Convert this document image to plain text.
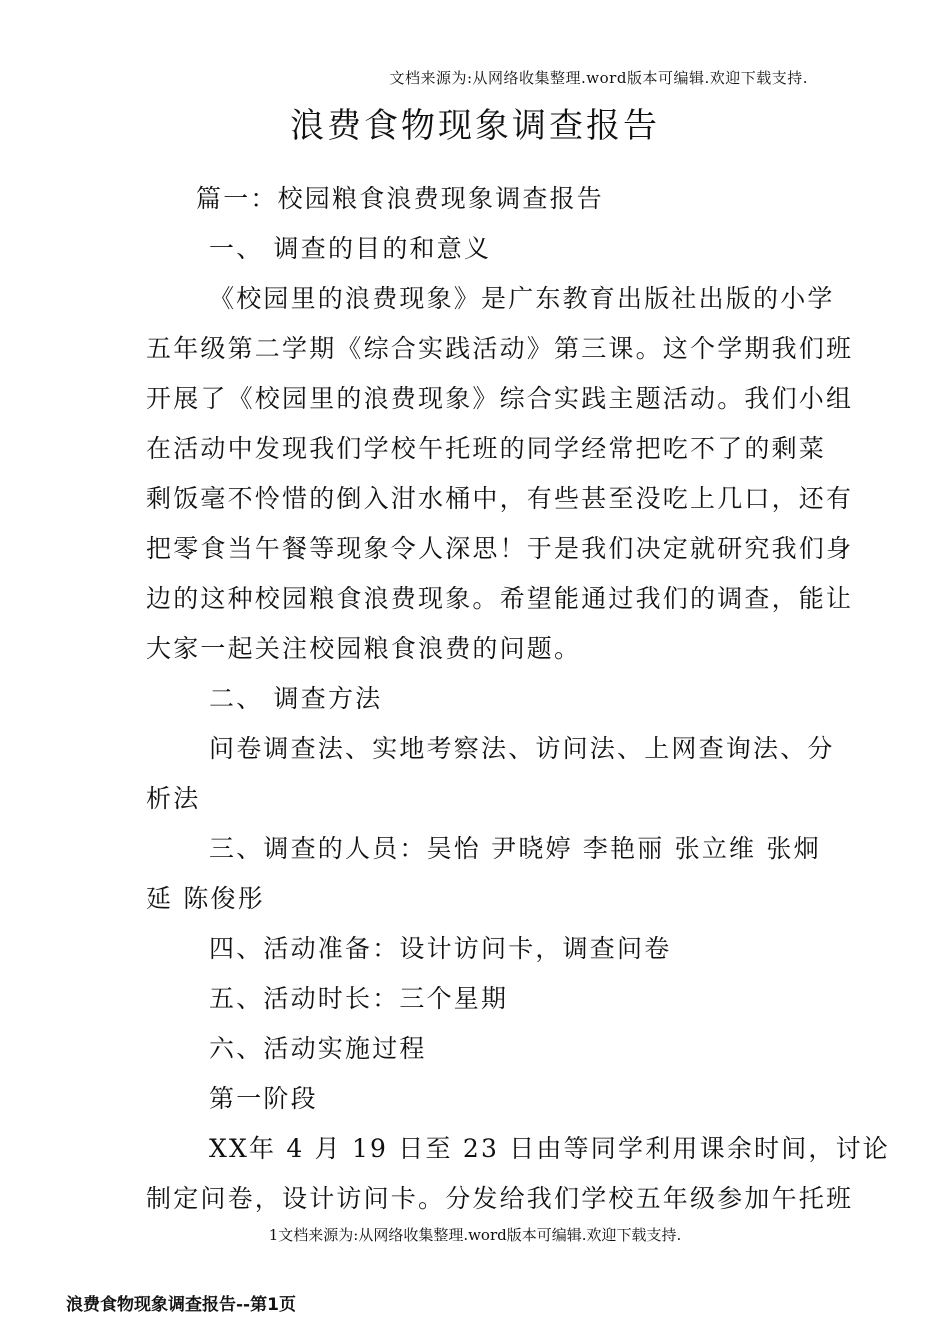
文档来源为:从网络收集整理.word版本可编辑.欢迎下载支持.
浪费食物现象调查报告
篇一：校园粮食浪费现象调查报告
一、 调查的目的和意义
《校园里的浪费现象》是广东教育出版社出版的小学
五年级第二学期《综合实践活动》第三课。这个学期我们班
开展了《校园里的浪费现象》综合实践主题活动。我们小组
在活动中发现我们学校午托班的同学经常把吃不了的剩菜
剩饭毫不怜惜的倒入泔水桶中，有些甚至没吃上几口，还有
把零食当午餐等现象令人深思！于是我们决定就研究我们身
边的这种校园粮食浪费现象。希望能通过我们的调查，能让
大家一起关注校园粮食浪费的问题。
二、 调查方法
问卷调查法、实地考察法、访问法、上网查询法、分
析法
三、调查的人员：吴怡 尹晓婷 李艳丽 张立维 张炯
延 陈俊彤
四、活动准备：设计访问卡，调查问卷
五、活动时长：三个星期
六、活动实施过程
第一阶段
XX年 4 月 19 日至 23 日由等同学利用课余时间，讨论
制定问卷，设计访问卡。分发给我们学校五年级参加午托班
1文档来源为:从网络收集整理.word版本可编辑.欢迎下载支持.
浪费食物现象调查报告--第1页
